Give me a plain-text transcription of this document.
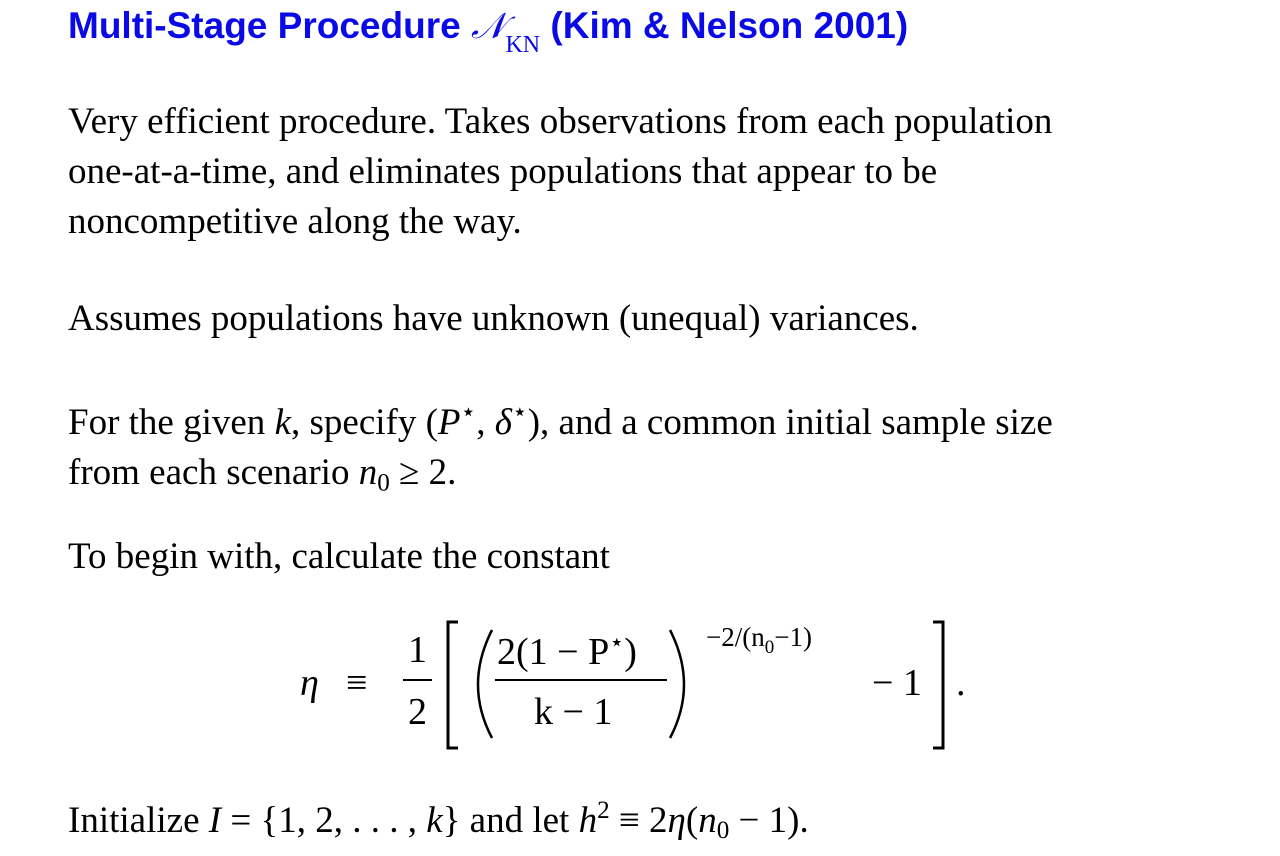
Multi-Stage Procedure 𝒩$_{KN}$ (Kim & Nelson 2001)
Very efficient procedure. Takes observations from each population
one-at-a-time, and eliminates populations that appear to be
noncompetitive along the way.
Assumes populations have unknown (unequal) variances.
For the given k, specify (P⋆, δ⋆), and a common initial sample size
from each scenario $n_0 \ge 2$.
To begin with, calculate the constant
η ≡
1
2
2(1 − P⋆)
k − 1
$-2/(n_0-1)$
− 1 .
Initialize I = {1, 2, . . . , k} and let $h^2 \equiv 2\eta(n_0 - 1)$.
